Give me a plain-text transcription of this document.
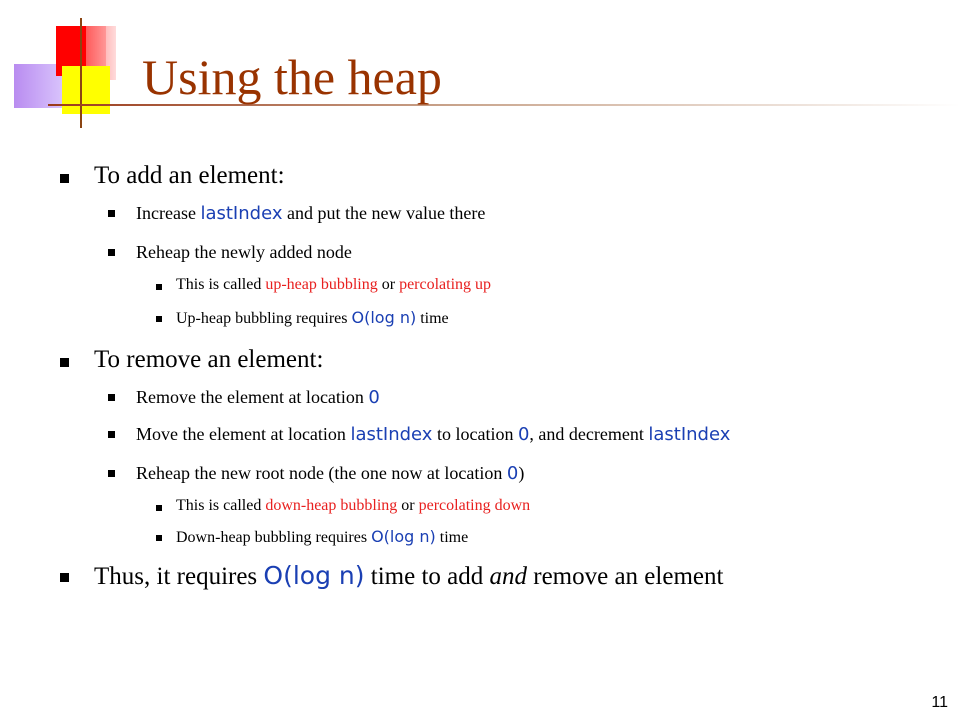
Using the heap
To add an element:
Increase lastIndex and put the new value there
Reheap the newly added node
This is called up-heap bubbling or percolating up
Up-heap bubbling requires O(log n) time
To remove an element:
Remove the element at location 0
Move the element at location lastIndex to location 0, and decrement lastIndex
Reheap the new root node (the one now at location 0)
This is called down-heap bubbling or percolating down
Down-heap bubbling requires O(log n) time
Thus, it requires O(log n) time to add and remove an element
11
